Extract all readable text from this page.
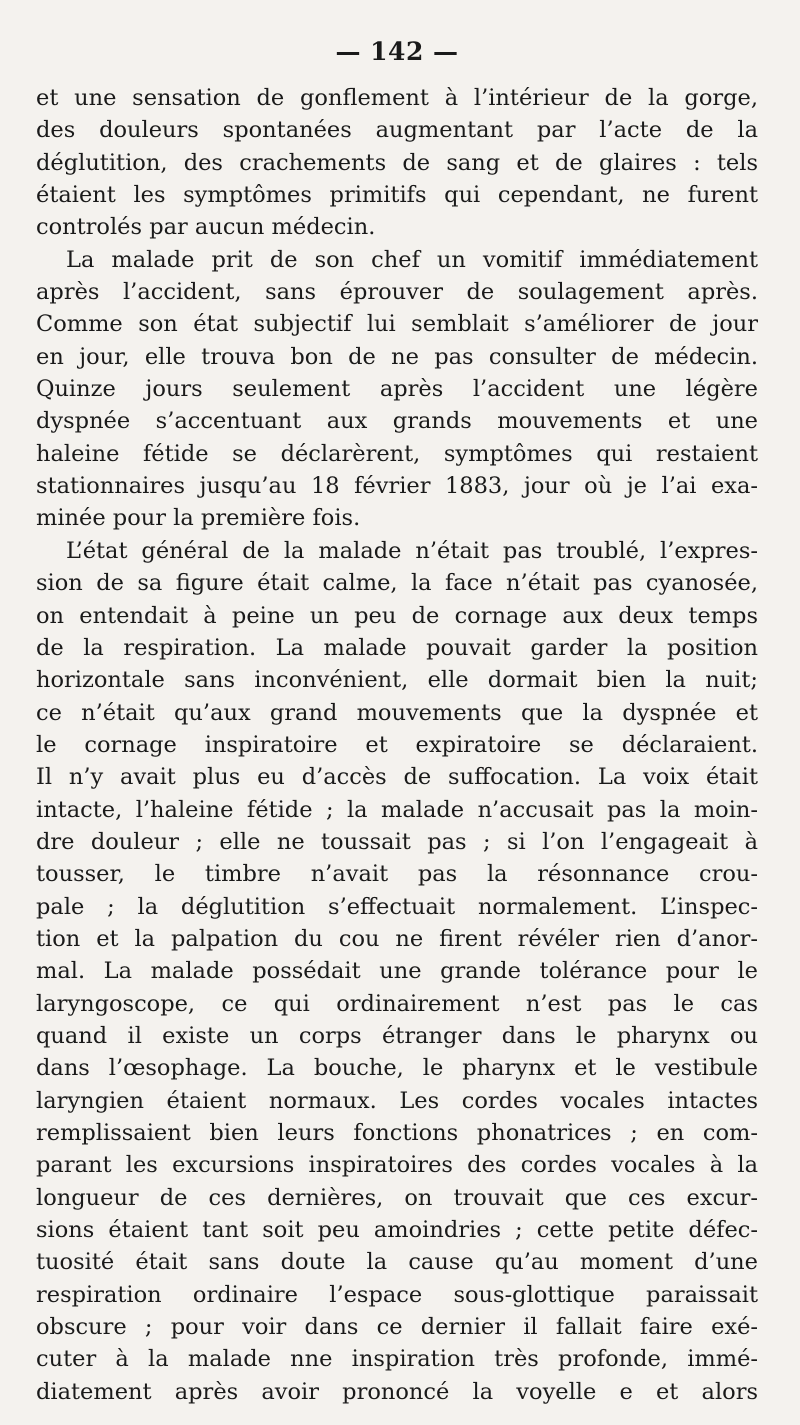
— 142 —
et une sensation de gonflement à l’intérieur de la gorge,
des douleurs spontanées augmentant par l’acte de la
déglutition, des crachements de sang et de glaires : tels
étaient les symptômes primitifs qui cependant, ne furent
controlés par aucun médecin.
La malade prit de son chef un vomitif immédiatement
après l’accident, sans éprouver de soulagement après.
Comme son état subjectif lui semblait s’améliorer de jour
en jour, elle trouva bon de ne pas consulter de médecin.
Quinze jours seulement après l’accident une légère
dyspnée s’accentuant aux grands mouvements et une
haleine fétide se déclarèrent, symptômes qui restaient
stationnaires jusqu’au 18 février 1883, jour où je l’ai exa-
minée pour la première fois.
L’état général de la malade n’était pas troublé, l’expres-
sion de sa figure était calme, la face n’était pas cyanosée,
on entendait à peine un peu de cornage aux deux temps
de la respiration. La malade pouvait garder la position
horizontale sans inconvénient, elle dormait bien la nuit;
ce n’était qu’aux grand mouvements que la dyspnée et
le cornage inspiratoire et expiratoire se déclaraient.
Il n’y avait plus eu d’accès de suffocation. La voix était
intacte, l’haleine fétide ; la malade n’accusait pas la moin-
dre douleur ; elle ne toussait pas ; si l’on l’engageait à
tousser, le timbre n’avait pas la résonnance crou-
pale ; la déglutition s’effectuait normalement. L’inspec-
tion et la palpation du cou ne firent révéler rien d’anor-
mal. La malade possédait une grande tolérance pour le
laryngoscope, ce qui ordinairement n’est pas le cas
quand il existe un corps étranger dans le pharynx ou
dans l’œsophage. La bouche, le pharynx et le vestibule
laryngien étaient normaux. Les cordes vocales intactes
remplissaient bien leurs fonctions phonatrices ; en com-
parant les excursions inspiratoires des cordes vocales à la
longueur de ces dernières, on trouvait que ces excur-
sions étaient tant soit peu amoindries ; cette petite défec-
tuosité était sans doute la cause qu’au moment d’une
respiration ordinaire l’espace sous-glottique paraissait
obscure ; pour voir dans ce dernier il fallait faire exé-
cuter à la malade nne inspiration très profonde, immé-
diatement après avoir prononcé la voyelle e et alors
